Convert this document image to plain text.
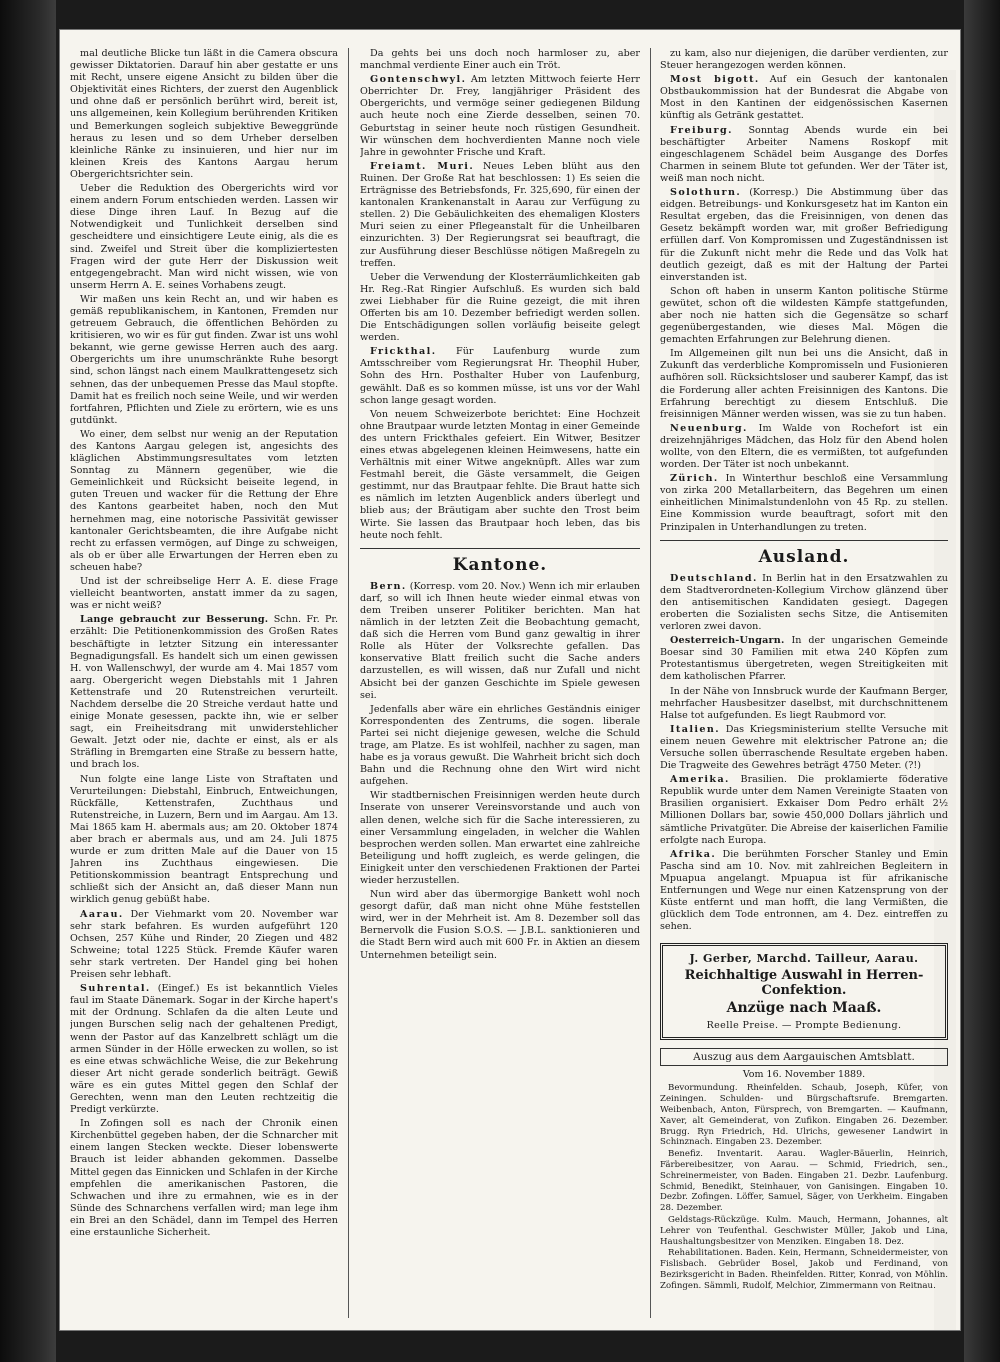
mal deutliche Blicke tun läßt in die Camera obscura gewisser Diktatorien. Darauf hin aber gestatte er uns mit Recht, unsere eigene Ansicht zu bilden über die Objektivität eines Richters, der zuerst den Augenblick und ohne daß er persönlich berührt wird, bereit ist, uns allgemeinen, kein Kollegium berührenden Kritiken und Bemerkungen sogleich subjektive Beweggründe heraus zu lesen und so dem Urheber derselben kleinliche Ränke zu insinuieren, und hier nur im kleinen Kreis des Kantons Aargau herum Obergerichtsrichter sein.

Ueber die Reduktion des Obergerichts wird vor einem andern Forum entschieden werden. Lassen wir diese Dinge ihren Lauf. In Bezug auf die Notwendigkeit und Tunlichkeit derselben sind gescheidtere und einsichtigere Leute einig, als die es sind. Zweifel und Streit über die kompliziertesten Fragen wird der gute Herr der Diskussion weit entgegengebracht. Man wird nicht wissen, wie von unserm Herrn A. E. seines Vorhabens zeugt.

Wir maßen uns kein Recht an, und wir haben es gemäß republikanischem, in Kantonen, Fremden nur getreuem Gebrauch, die öffentlichen Behörden zu kritisieren, wo wir es für gut finden. Zwar ist uns wohl bekannt, wie gerne gewisse Herren auch des aarg. Obergerichts um ihre unumschränkte Ruhe besorgt sind, schon längst nach einem Maulkrattengesetz sich sehnen, das der unbequemen Presse das Maul stopfte. Damit hat es freilich noch seine Weile, und wir werden fortfahren, Pflichten und Ziele zu erörtern, wie es uns gutdünkt.

Wo einer, dem selbst nur wenig an der Reputation des Kantons Aargau gelegen ist, angesichts des kläglichen Abstimmungsresultates vom letzten Sonntag zu Männern gegenüber, wie die Gemeinlichkeit und Rücksicht beiseite legend, in guten Treuen und wacker für die Rettung der Ehre des Kantons gearbeitet haben, noch den Mut hernehmen mag, eine notorische Passivität gewisser kantonaler Gerichtsbeamten, die ihre Aufgabe nicht recht zu erfassen vermögen, auf Dinge zu schweigen, als ob er über alle Erwartungen der Herren eben zu scheuen habe?

Und ist der schreibselige Herr A. E. diese Frage vielleicht beantworten, anstatt immer da zu sagen, was er nicht weiß?

Lange gebraucht zur Besserung. Schn. Fr. Pr. erzählt: Die Petitionenkommission des Großen Rates beschäftigte in letzter Sitzung ein interessanter Begnadigungsfall. Es handelt sich um einen gewissen H. von Wallenschwyl, der wurde am 4. Mai 1857 vom aarg. Obergericht wegen Diebstahls mit 1 Jahren Kettenstrafe und 20 Rutenstreichen verurteilt. Nachdem derselbe die 20 Streiche verdaut hatte und einige Monate gesessen, packte ihn, wie er selber sagt, ein Freiheitsdrang mit unwiderstehlicher Gewalt. Jetzt oder nie, dachte er einst, als er als Sträfling in Bremgarten eine Straße zu bessern hatte, und brach los.

Nun folgte eine lange Liste von Straftaten und Verurteilungen: Diebstahl, Einbruch, Entweichungen, Rückfälle, Kettenstrafen, Zuchthaus und Rutenstreiche, in Luzern, Bern und im Aargau. Am 13. Mai 1865 kam H. abermals aus; am 20. Oktober 1874 aber brach er abermals aus, und am 24. Juli 1875 wurde er zum dritten Male auf die Dauer von 15 Jahren ins Zuchthaus eingewiesen. Die Petitionskommission beantragt Entsprechung und schließt sich der Ansicht an, daß dieser Mann nun wirklich genug gebüßt habe.

Aarau. Der Viehmarkt vom 20. November war sehr stark befahren. Es wurden aufgeführt 120 Ochsen, 257 Kühe und Rinder, 20 Ziegen und 482 Schweine; total 1225 Stück. Fremde Käufer waren sehr stark vertreten. Der Handel ging bei hohen Preisen sehr lebhaft.

Suhrental. (Eingef.) Es ist bekanntlich Vieles faul im Staate Dänemark. Sogar in der Kirche hapert's mit der Ordnung. Schlafen da die alten Leute und jungen Burschen selig nach der gehaltenen Predigt, wenn der Pastor auf das Kanzelbrett schlägt um die armen Sünder in der Hölle erwecken zu wollen, so ist es eine etwas schwächliche Weise, die zur Bekehrung dieser Art nicht gerade sonderlich beiträgt. Gewiß wäre es ein gutes Mittel gegen den Schlaf der Gerechten, wenn man den Leuten rechtzeitig die Predigt verkürzte.

In Zofingen soll es nach der Chronik einen Kirchenbüttel gegeben haben, der die Schnarcher mit einem langen Stecken weckte. Dieser lobenswerte Brauch ist leider abhanden gekommen. Dasselbe Mittel gegen das Einnicken und Schlafen in der Kirche empfehlen die amerikanischen Pastoren, die Schwachen und ihre zu ermahnen, wie es in der Sünde des Schnarchens verfallen wird; man lege ihm ein Brei an den Schädel, dann im Tempel des Herren eine erstaunliche Sicherheit.

Da gehts bei uns doch noch harmloser zu, aber manchmal verdiente Einer auch ein Tröt.

Gontenschwyl. Am letzten Mittwoch feierte Herr Oberrichter Dr. Frey, langjähriger Präsident des Obergerichts, und vermöge seiner gediegenen Bildung auch heute noch eine Zierde desselben, seinen 70. Geburtstag in seiner heute noch rüstigen Gesundheit. Wir wünschen dem hochverdienten Manne noch viele Jahre in gewohnter Frische und Kraft.

Freiamt. Muri. Neues Leben blüht aus den Ruinen. Der Große Rat hat beschlossen: 1) Es seien die Erträgnisse des Betriebsfonds, Fr. 325,690, für einen der kantonalen Krankenanstalt in Aarau zur Verfügung zu stellen. 2) Die Gebäulichkeiten des ehemaligen Klosters Muri seien zu einer Pflegeanstalt für die Unheilbaren einzurichten. 3) Der Regierungsrat sei beauftragt, die zur Ausführung dieser Beschlüsse nötigen Maßregeln zu treffen.

Ueber die Verwendung der Klosterräumlichkeiten gab Hr. Reg.-Rat Ringier Aufschluß. Es wurden sich bald zwei Liebhaber für die Ruine gezeigt, die mit ihren Offerten bis am 10. Dezember befriedigt werden sollen. Die Entschädigungen sollen vorläufig beiseite gelegt werden.

Frickthal. Für Laufenburg wurde zum Amtsschreiber vom Regierungsrat Hr. Theophil Huber, Sohn des Hrn. Posthalter Huber von Laufenburg, gewählt. Daß es so kommen müsse, ist uns vor der Wahl schon lange gesagt worden.

Von neuem Schweizerbote berichtet: Eine Hochzeit ohne Brautpaar wurde letzten Montag in einer Gemeinde des untern Frickthales gefeiert. Ein Witwer, Besitzer eines etwas abgelegenen kleinen Heimwesens, hatte ein Verhältnis mit einer Witwe angeknüpft. Alles war zum Festmahl bereit, die Gäste versammelt, die Geigen gestimmt, nur das Brautpaar fehlte. Die Braut hatte sich es nämlich im letzten Augenblick anders überlegt und blieb aus; der Bräutigam aber suchte den Trost beim Wirte. Sie lassen das Brautpaar hoch leben, das bis heute noch fehlt.

Kantone.

Bern. (Korresp. vom 20. Nov.) Wenn ich mir erlauben darf, so will ich Ihnen heute wieder einmal etwas von dem Treiben unserer Politiker berichten. Man hat nämlich in der letzten Zeit die Beobachtung gemacht, daß sich die Herren vom Bund ganz gewaltig in ihrer Rolle als Hüter der Volksrechte gefallen. Das konservative Blatt freilich sucht die Sache anders darzustellen, es will wissen, daß nur Zufall und nicht Absicht bei der ganzen Geschichte im Spiele gewesen sei.

Jedenfalls aber wäre ein ehrliches Geständnis einiger Korrespondenten des Zentrums, die sogen. liberale Partei sei nicht diejenige gewesen, welche die Schuld trage, am Platze. Es ist wohlfeil, nachher zu sagen, man habe es ja voraus gewußt. Die Wahrheit bricht sich doch Bahn und die Rechnung ohne den Wirt wird nicht aufgehen.

Wir stadtbernischen Freisinnigen werden heute durch Inserate von unserer Vereinsvorstande und auch von allen denen, welche sich für die Sache interessieren, zu einer Versammlung eingeladen, in welcher die Wahlen besprochen werden sollen. Man erwartet eine zahlreiche Beteiligung und hofft zugleich, es werde gelingen, die Einigkeit unter den verschiedenen Fraktionen der Partei wieder herzustellen.

Nun wird aber das übermorgige Bankett wohl noch gesorgt dafür, daß man nicht ohne Mühe feststellen wird, wer in der Mehrheit ist. Am 8. Dezember soll das Bernervolk die Fusion S.O.S. — J.B.L. sanktionieren und die Stadt Bern wird auch mit 600 Fr. in Aktien an diesem Unternehmen beteiligt sein.

zu kam, also nur diejenigen, die darüber verdienten, zur Steuer herangezogen werden können.

Most bigott. Auf ein Gesuch der kantonalen Obstbaukommission hat der Bundesrat die Abgabe von Most in den Kantinen der eidgenössischen Kasernen künftig als Getränk gestattet.

Freiburg. Sonntag Abends wurde ein bei beschäftigter Arbeiter Namens Roskopf mit eingeschlagenem Schädel beim Ausgange des Dorfes Charmen in seinem Blute tot gefunden. Wer der Täter ist, weiß man noch nicht.

Solothurn. (Korresp.) Die Abstimmung über das eidgen. Betreibungs- und Konkursgesetz hat im Kanton ein Resultat ergeben, das die Freisinnigen, von denen das Gesetz bekämpft worden war, mit großer Befriedigung erfüllen darf. Von Kompromissen und Zugeständnissen ist für die Zukunft nicht mehr die Rede und das Volk hat deutlich gezeigt, daß es mit der Haltung der Partei einverstanden ist.

Schon oft haben in unserm Kanton politische Stürme gewütet, schon oft die wildesten Kämpfe stattgefunden, aber noch nie hatten sich die Gegensätze so scharf gegenübergestanden, wie dieses Mal. Mögen die gemachten Erfahrungen zur Belehrung dienen.

Im Allgemeinen gilt nun bei uns die Ansicht, daß in Zukunft das verderbliche Kompromisseln und Fusionieren aufhören soll. Rücksichtsloser und sauberer Kampf, das ist die Forderung aller achten Freisinnigen des Kantons. Die Erfahrung berechtigt zu diesem Entschluß. Die freisinnigen Männer werden wissen, was sie zu tun haben.

Neuenburg. Im Walde von Rochefort ist ein dreizehnjähriges Mädchen, das Holz für den Abend holen wollte, von den Eltern, die es vermißten, tot aufgefunden worden. Der Täter ist noch unbekannt.

Zürich. In Winterthur beschloß eine Versammlung von zirka 200 Metallarbeitern, das Begehren um einen einheitlichen Minimalstundenlohn von 45 Rp. zu stellen. Eine Kommission wurde beauftragt, sofort mit den Prinzipalen in Unterhandlungen zu treten.

Ausland.

Deutschland. In Berlin hat in den Ersatzwahlen zu dem Stadtverordneten-Kollegium Virchow glänzend über den antisemitischen Kandidaten gesiegt. Dagegen eroberten die Sozialisten sechs Sitze, die Antisemiten verloren zwei davon.

Oesterreich-Ungarn. In der ungarischen Gemeinde Boesar sind 30 Familien mit etwa 240 Köpfen zum Protestantismus übergetreten, wegen Streitigkeiten mit dem katholischen Pfarrer.

In der Nähe von Innsbruck wurde der Kaufmann Berger, mehrfacher Hausbesitzer daselbst, mit durchschnittenem Halse tot aufgefunden. Es liegt Raubmord vor.

Italien. Das Kriegsministerium stellte Versuche mit einem neuen Gewehre mit elektrischer Patrone an; die Versuche sollen überraschende Resultate ergeben haben. Die Tragweite des Gewehres beträgt 4750 Meter. (?!)

Amerika. Brasilien. Die proklamierte föderative Republik wurde unter dem Namen Vereinigte Staaten von Brasilien organisiert. Exkaiser Dom Pedro erhält 2½ Millionen Dollars bar, sowie 450,000 Dollars jährlich und sämtliche Privatgüter. Die Abreise der kaiserlichen Familie erfolgte nach Europa.

Afrika. Die berühmten Forscher Stanley und Emin Pascha sind am 10. Nov. mit zahlreichen Begleitern in Mpuapua angelangt. Mpuapua ist für afrikanische Entfernungen und Wege nur einen Katzensprung von der Küste entfernt und man hofft, die lang Vermißten, die glücklich dem Tode entronnen, am 4. Dez. eintreffen zu sehen.

J. Gerber, Marchd. Tailleur, Aarau.
Reichhaltige Auswahl in Herren-Confektion.
Anzüge nach Maaß.
Reelle Preise. — Prompte Bedienung.
Auszug aus dem Aargauischen Amtsblatt.
Vom 16. November 1889.

Bevormundung. Rheinfelden. Schaub, Joseph, Küfer, von Zeiningen. Schulden- und Bürgschaftsrufe. Bremgarten. Weibenbach, Anton, Fürsprech, von Bremgarten. — Kaufmann, Xaver, alt Gemeinderat, von Zufikon. Eingaben 26. Dezember. Brugg. Ryn Friedrich, Hd. Ulrichs, gewesener Landwirt in Schinznach. Eingaben 23. Dezember.

Benefiz. Inventarit. Aarau. Wagler-Bäuerlin, Heinrich, Färbereibesitzer, von Aarau. — Schmid, Friedrich, sen., Schreinermeister, von Baden. Eingaben 21. Dezbr. Laufenburg. Schmid, Benedikt, Steinhauer, von Ganisingen. Eingaben 10. Dezbr. Zofingen. Löffer, Samuel, Säger, von Uerkheim. Eingaben 28. Dezember.

Geldstags-Rückzüge. Kulm. Mauch, Hermann, Johannes, alt Lehrer von Teufenthal. Geschwister Müller, Jakob und Lina, Haushaltungsbesitzer von Menziken. Eingaben 18. Dez.

Rehabilitationen. Baden. Kein, Hermann, Schneidermeister, von Fislisbach. Gebrüder Bosel, Jakob und Ferdinand, von Bezirksgericht in Baden. Rheinfelden. Ritter, Konrad, von Möhlin. Zofingen. Sämmli, Rudolf, Melchior, Zimmermann von Reitnau.
